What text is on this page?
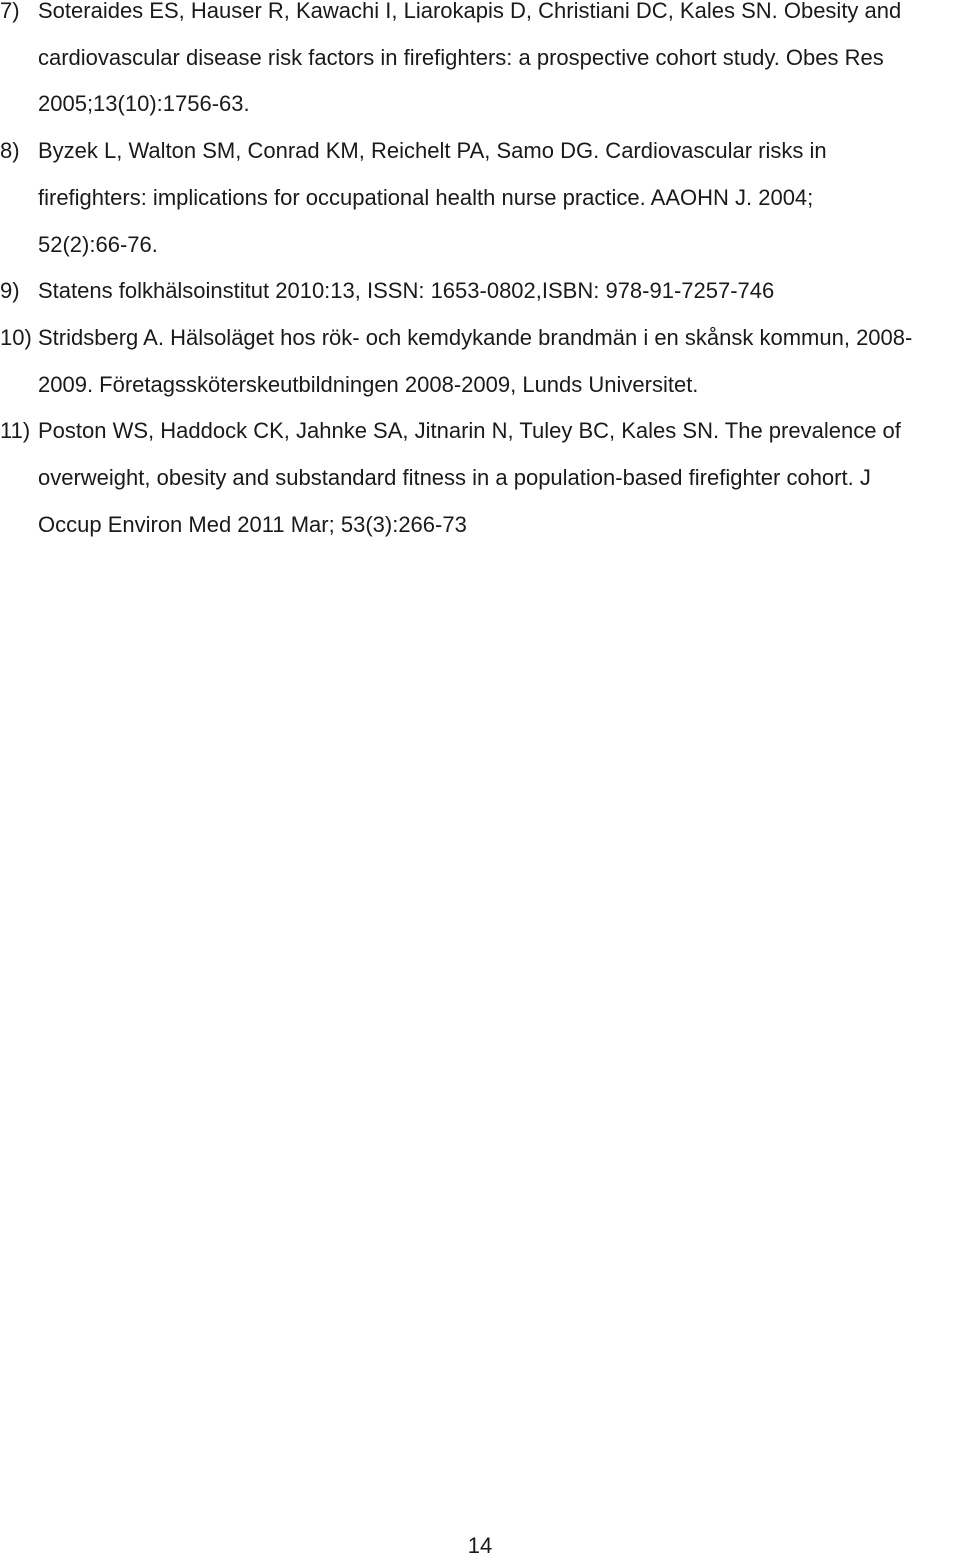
7) Soteraides ES, Hauser R, Kawachi I, Liarokapis D, Christiani DC, Kales SN. Obesity and
cardiovascular disease risk factors in firefighters: a prospective cohort study. Obes Res
2005;13(10):1756-63.
8) Byzek L, Walton SM, Conrad KM, Reichelt PA, Samo DG. Cardiovascular risks in
firefighters: implications for occupational health nurse practice. AAOHN J. 2004;
52(2):66-76.
9) Statens folkhälsoinstitut 2010:13, ISSN: 1653-0802,ISBN: 978-91-7257-746
10) Stridsberg A. Hälsoläget hos rök- och kemdykande brandmän i en skånsk kommun, 2008-
2009. Företagssköterskeutbildningen 2008-2009, Lunds Universitet.
11) Poston WS, Haddock CK, Jahnke SA, Jitnarin N, Tuley BC, Kales SN. The prevalence of
overweight, obesity and substandard fitness in a population-based firefighter cohort. J
Occup Environ Med 2011 Mar; 53(3):266-73
14
